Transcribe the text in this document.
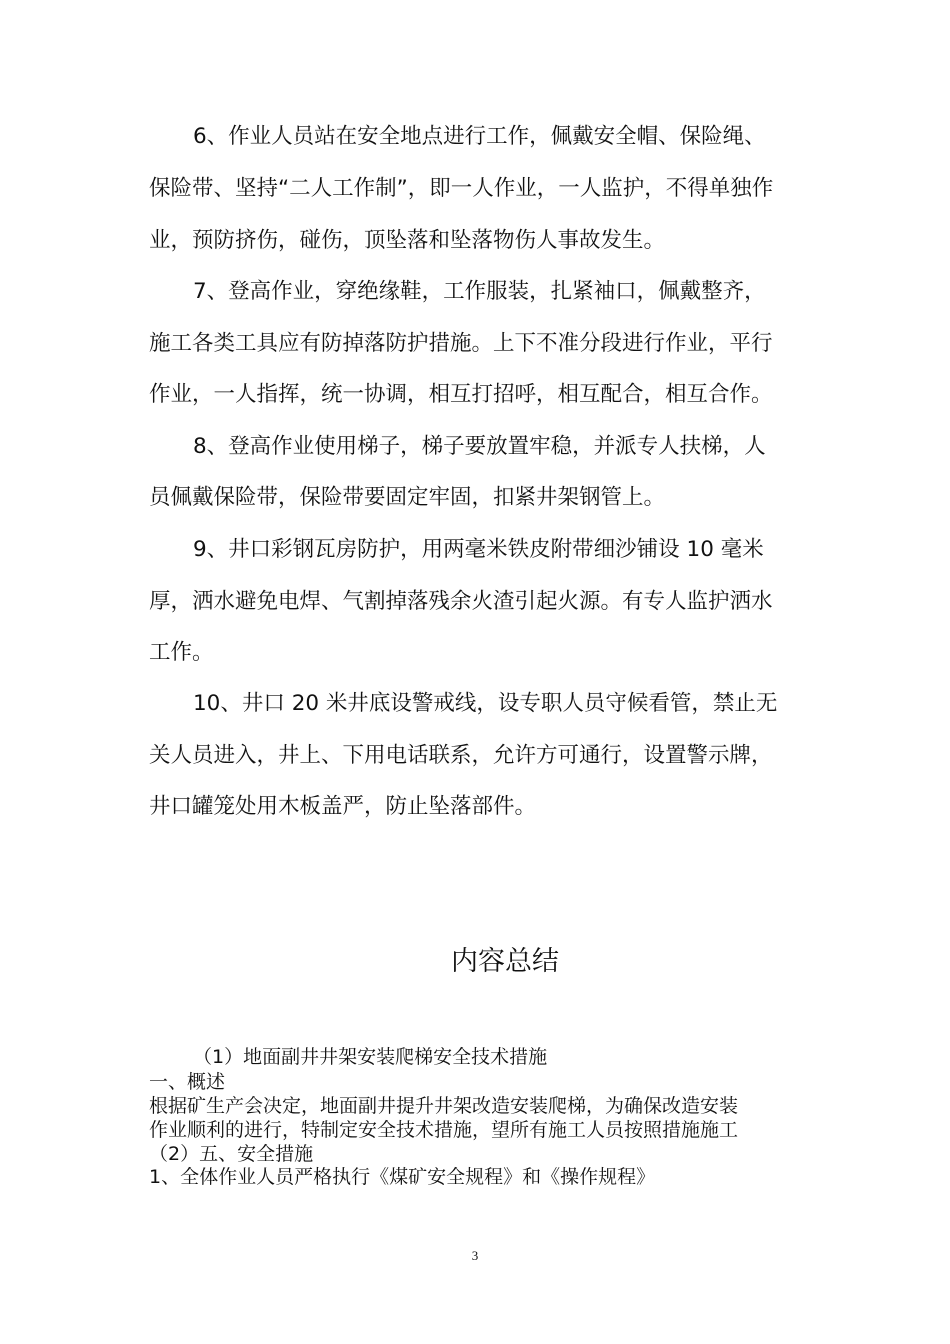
6、作业人员站在安全地点进行工作，佩戴安全帽、保险绳、
保险带、坚持“二人工作制”，即一人作业，一人监护，不得单独作
业，预防挤伤，碰伤，顶坠落和坠落物伤人事故发生。
7、登高作业，穿绝缘鞋，工作服装，扎紧袖口，佩戴整齐，
施工各类工具应有防掉落防护措施。上下不准分段进行作业，平行
作业，一人指挥，统一协调，相互打招呼，相互配合，相互合作。
8、登高作业使用梯子，梯子要放置牢稳，并派专人扶梯，人
员佩戴保险带，保险带要固定牢固，扣紧井架钢管上。
9、井口彩钢瓦房防护，用两毫米铁皮附带细沙铺设 10 毫米
厚，洒水避免电焊、气割掉落残余火渣引起火源。有专人监护洒水
工作。
10、井口 20 米井底设警戒线，设专职人员守候看管，禁止无
关人员进入，井上、下用电话联系，允许方可通行，设置警示牌，
井口罐笼处用木板盖严，防止坠落部件。
内容总结
（1）地面副井井架安装爬梯安全技术措施
一、概述
根据矿生产会决定，地面副井提升井架改造安装爬梯，为确保改造安装
作业顺利的进行，特制定安全技术措施，望所有施工人员按照措施施工
（2）五、安全措施
1、全体作业人员严格执行《煤矿安全规程》和《操作规程》
3
